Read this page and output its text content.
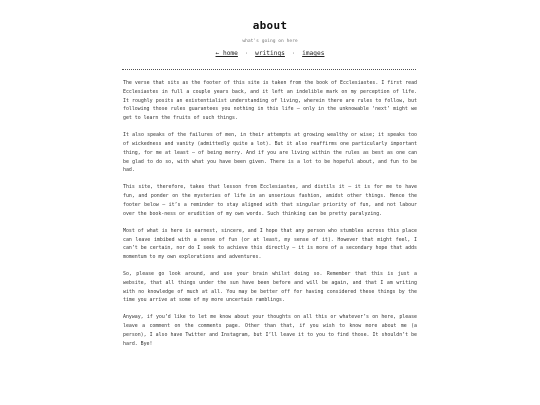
about
what's going on here
← home · writings · images

The verse that sits as the footer of this site is taken from the book of Ecclesiastes. I first read Ecclesiastes in full a couple years back, and it left an indelible mark on my perception of life. It roughly posits an existentialist understanding of living, wherein there are rules to follow, but following those rules guarantees you nothing in this life – only in the unknowable ‘next’ might we get to learn the fruits of such things.

It also speaks of the failures of men, in their attempts at growing wealthy or wise; it speaks too of wickedness and vanity (admittedly quite a lot). But it also reaffirms one particularly important thing, for me at least – of being merry. And if you are living within the rules as best as one can be glad to do so, with what you have been given. There is a lot to be hopeful about, and fun to be had.

This site, therefore, takes that lesson from Ecclesiastes, and distils it – it is for me to have fun, and ponder on the mysteries of life in an unserious fashion, amidst other things. Hence the footer below – it’s a reminder to stay aligned with that singular priority of fun, and not labour over the book-ness or erudition of my own words. Such thinking can be pretty paralyzing.

Most of what is here is earnest, sincere, and I hope that any person who stumbles across this place can leave imbibed with a sense of fun (or at least, my sense of it). However that might feel, I can’t be certain, nor do I seek to achieve this directly – it is more of a secondary hope that adds momentum to my own explorations and adventures.

So, please go look around, and use your brain whilst doing so. Remember that this is just a website, that all things under the sun have been before and will be again, and that I am writing with no knowledge of much at all. You may be better off for having considered these things by the time you arrive at some of my more uncertain ramblings.

Anyway, if you’d like to let me know about your thoughts on all this or whatever’s on here, please leave a comment on the comments page. Other than that, if you wish to know more about me (a person), I also have Twitter and Instagram, but I’ll leave it to you to find those. It shouldn’t be hard. Bye!
